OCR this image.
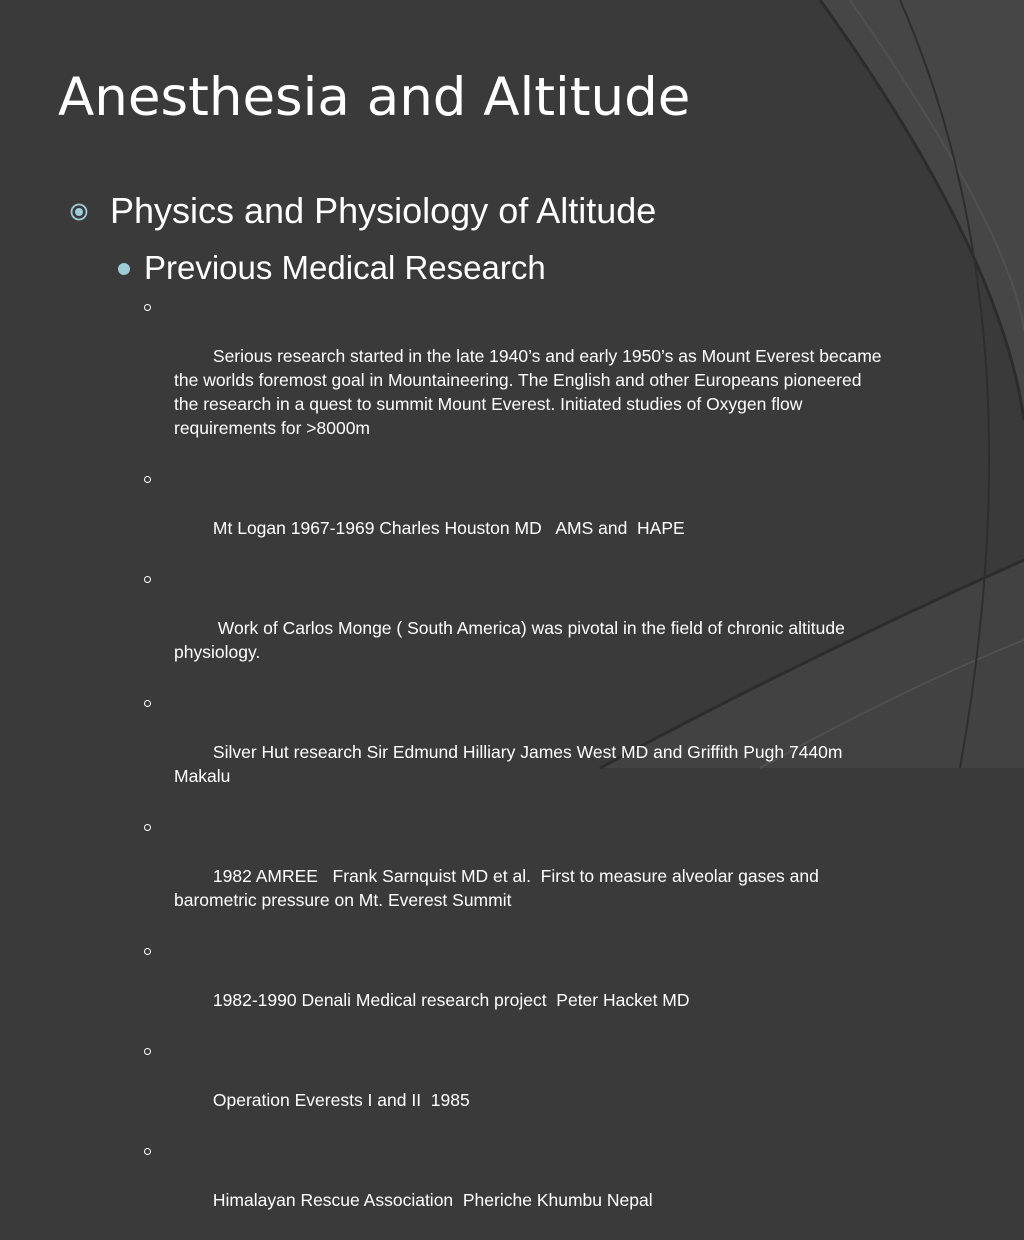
Anesthesia and Altitude
Physics and Physiology of Altitude
Previous Medical Research

Serious research started in the late 1940’s and early 1950’s as Mount Everest became the worlds foremost goal in Mountaineering. The English and other Europeans pioneered the research in a quest to summit Mount Everest. Initiated studies of Oxygen flow requirements for >8000m

Mt Logan 1967-1969 Charles Houston MD   AMS and  HAPE

Work of Carlos Monge ( South America) was pivotal in the field of chronic altitude physiology.

Silver Hut research Sir Edmund Hilliary James West MD and Griffith Pugh 7440m Makalu

1982 AMREE   Frank Sarnquist MD et al.  First to measure alveolar gases and barometric pressure on Mt. Everest Summit

1982-1990 Denali Medical research project  Peter Hacket MD

Operation Everests I and II  1985

Himalayan Rescue Association  Pheriche Khumbu Nepal
